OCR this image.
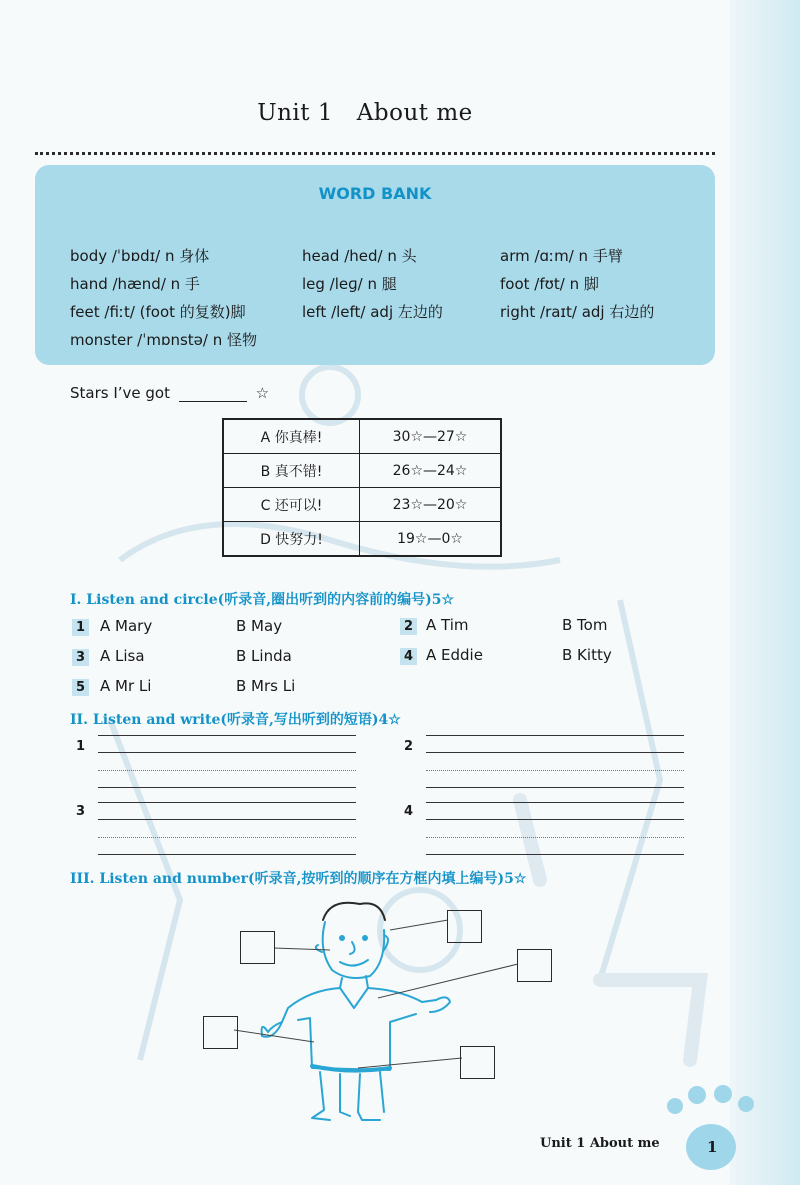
Unit 1 About me
WORD BANK
body /ˈbɒdɪ/ n 身体	head /hed/ n 头	arm /ɑːm/ n 手臂
hand /hænd/ n 手	leg /leɡ/ n 腿	foot /fʊt/ n 脚
feet /fiːt/ (foot 的复数)脚	left /left/ adj 左边的	right /raɪt/ adj 右边的
monster /ˈmɒnstə/ n 怪物
Stars I’ve got	☆
A 你真棒!	30☆—27☆
B 真不错!	26☆—24☆
C 还可以!	23☆—20☆
D 快努力!	19☆—0☆
I. Listen and circle(听录音,圈出听到的内容前的编号)5☆
1 A Mary	B May	2 A Tim	B Tom
3 A Lisa	B Linda	4 A Eddie	B Kitty
5 A Mr Li	B Mrs Li
II. Listen and write(听录音,写出听到的短语)4☆
1	2
3	4
III. Listen and number(听录音,按听到的顺序在方框内填上编号)5☆
Unit 1 About me	1
